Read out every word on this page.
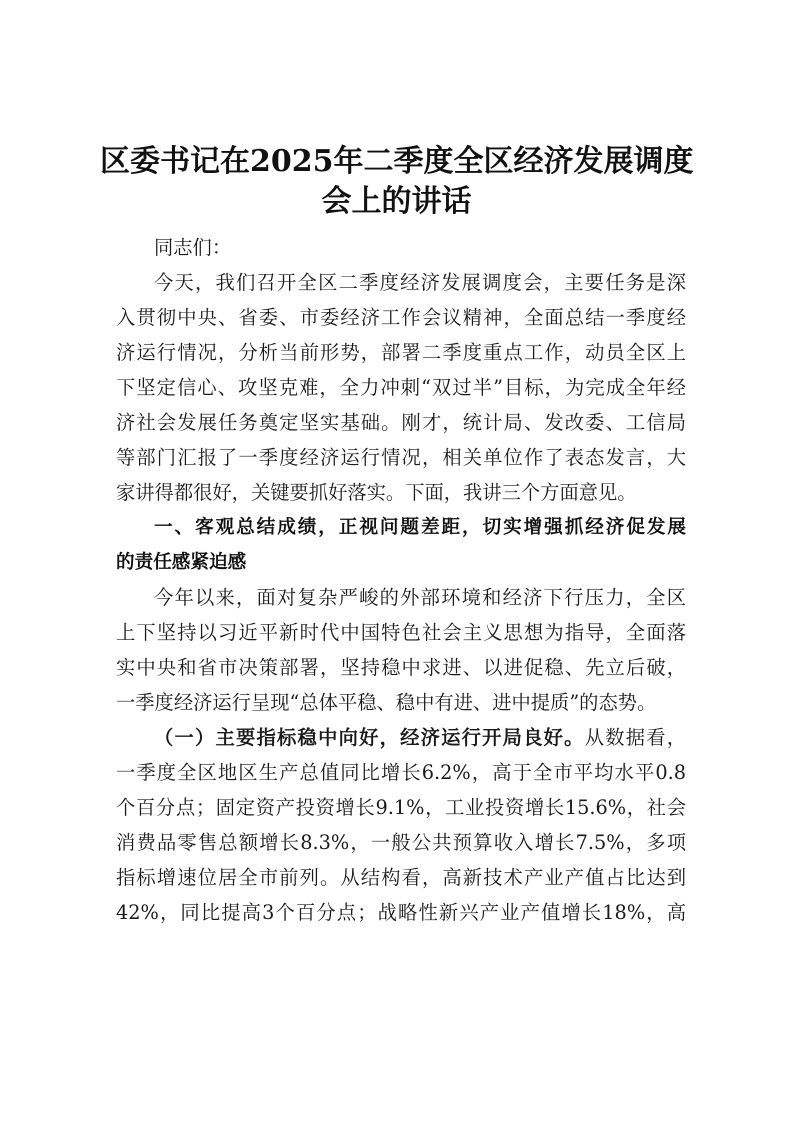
区委书记在2025年二季度全区经济发展调度
会上的讲话
同志们：
今天，我们召开全区二季度经济发展调度会，主要任务是深
入贯彻中央、省委、市委经济工作会议精神，全面总结一季度经
济运行情况，分析当前形势，部署二季度重点工作，动员全区上
下坚定信心、攻坚克难，全力冲刺“双过半”目标，为完成全年经
济社会发展任务奠定坚实基础。刚才，统计局、发改委、工信局
等部门汇报了一季度经济运行情况，相关单位作了表态发言，大
家讲得都很好，关键要抓好落实。下面，我讲三个方面意见。
一、客观总结成绩，正视问题差距，切实增强抓经济促发展
的责任感紧迫感
今年以来，面对复杂严峻的外部环境和经济下行压力，全区
上下坚持以习近平新时代中国特色社会主义思想为指导，全面落
实中央和省市决策部署，坚持稳中求进、以进促稳、先立后破，
一季度经济运行呈现“总体平稳、稳中有进、进中提质”的态势。
（一）主要指标稳中向好，经济运行开局良好。从数据看，
一季度全区地区生产总值同比增长6.2%，高于全市平均水平0.8
个百分点；固定资产投资增长9.1%，工业投资增长15.6%，社会
消费品零售总额增长8.3%，一般公共预算收入增长7.5%，多项
指标增速位居全市前列。从结构看，高新技术产业产值占比达到
42%，同比提高3个百分点；战略性新兴产业产值增长18%，高
